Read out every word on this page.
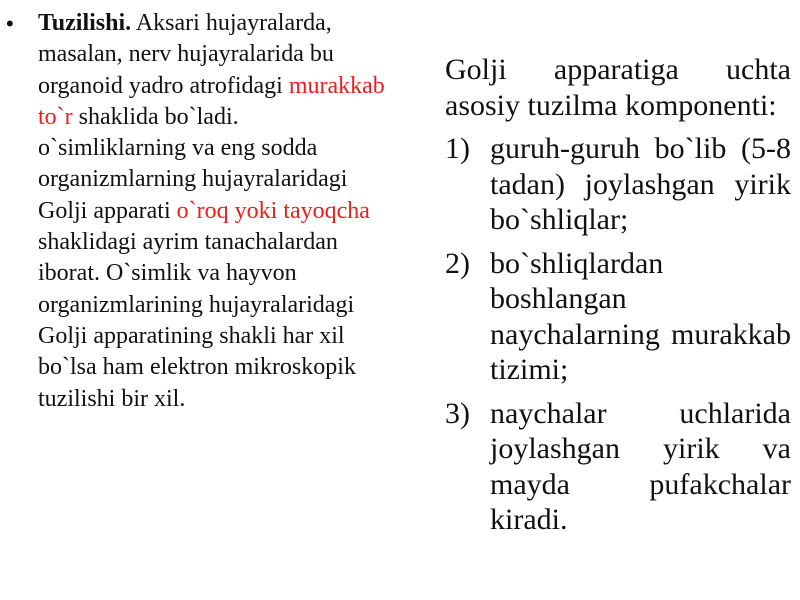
• Tuzilishi. Aksari hujayralarda, masalan, nerv hujayralarida bu organoid yadro atrofidagi murakkab to`r shaklida bo`ladi. o`simliklarning va eng sodda organizmlarning hujayralaridagi Golji apparati o`roq yoki tayoqcha shaklidagi ayrim tanachalardan iborat. O`simlik va hayvon organizmlarining hujayralaridagi Golji apparatining shakli har xil bo`lsa ham elektron mikroskopik tuzilishi bir xil.
Golji apparatiga uchta asosiy tuzilma komponenti:
1) guruh-guruh bo`lib (5-8 tadan) joylashgan yirik bo`shliqlar;
2) bo`shliqlardan boshlangan naychalarning murakkab tizimi;
3) naychalar uchlarida joylashgan yirik va mayda pufakchalar kiradi.
